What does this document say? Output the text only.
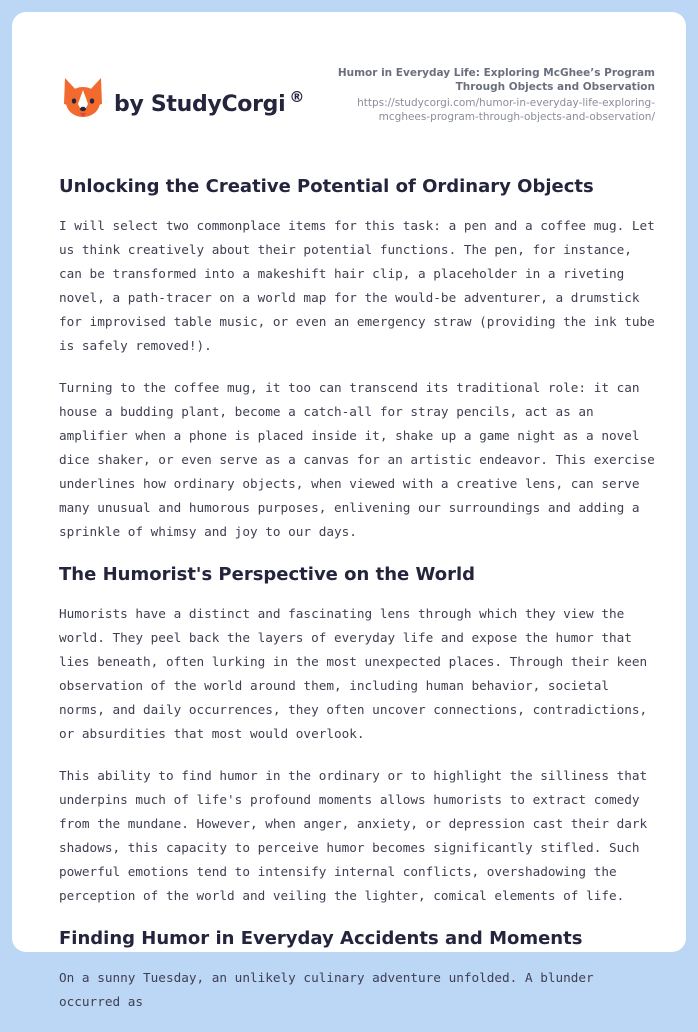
by StudyCorgi ®
Humor in Everyday Life: Exploring McGhee’s Program Through Objects and Observation
https://studycorgi.com/humor-in-everyday-life-exploring-mcghees-program-through-objects-and-observation/
Unlocking the Creative Potential of Ordinary Objects

I will select two commonplace items for this task: a pen and a coffee mug. Let us think creatively about their potential functions. The pen, for instance, can be transformed into a makeshift hair clip, a placeholder in a riveting novel, a path-tracer on a world map for the would-be adventurer, a drumstick for improvised table music, or even an emergency straw (providing the ink tube is safely removed!).

Turning to the coffee mug, it too can transcend its traditional role: it can house a budding plant, become a catch-all for stray pencils, act as an amplifier when a phone is placed inside it, shake up a game night as a novel dice shaker, or even serve as a canvas for an artistic endeavor. This exercise underlines how ordinary objects, when viewed with a creative lens, can serve many unusual and humorous purposes, enlivening our surroundings and adding a sprinkle of whimsy and joy to our days.

The Humorist's Perspective on the World

Humorists have a distinct and fascinating lens through which they view the world. They peel back the layers of everyday life and expose the humor that lies beneath, often lurking in the most unexpected places. Through their keen observation of the world around them, including human behavior, societal norms, and daily occurrences, they often uncover connections, contradictions, or absurdities that most would overlook.

This ability to find humor in the ordinary or to highlight the silliness that underpins much of life's profound moments allows humorists to extract comedy from the mundane. However, when anger, anxiety, or depression cast their dark shadows, this capacity to perceive humor becomes significantly stifled. Such powerful emotions tend to intensify internal conflicts, overshadowing the perception of the world and veiling the lighter, comical elements of life.

Finding Humor in Everyday Accidents and Moments

On a sunny Tuesday, an unlikely culinary adventure unfolded. A blunder occurred as
